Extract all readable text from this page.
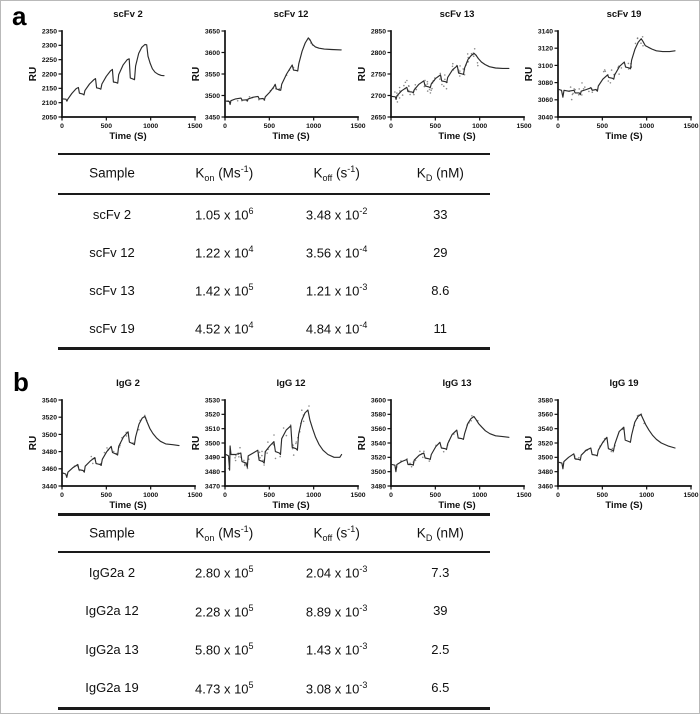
a
b
scFv 2
RU
2050
2100
2150
2200
2250
2300
2350
0	500	1000	1500
Time (S)
scFv 12
RU
3450
3500
3550
3600
3650
0	500	1000	1500
Time (S)
scFv 13
RU
2650
2700
2750
2800
2850
0	500	1000	1500
Time (S)
scFv 19
RU
3040
3060
3080
3100
3120
3140
0	500	1000	1500
Time (S)
IgG 2
RU
3440
3460
3480
3500
3520
3540
0	500	1000	1500
Time (S)
IgG 12
RU
3470
3480
3490
3500
3510
3520
3530
0	500	1000	1500
Time (S)
IgG 13
RU
3480
3500
3520
3540
3560
3580
3600
0	500	1000	1500
Time (S)
IgG 19
RU
3460
3480
3500
3520
3540
3560
3580
0	500	1000	1500
Time (S)
Sample	$K_{on}$ $(Ms^{-1})$	$K_{off}$ $(s^{-1})$	$K_D$ (nM)
scFv 2	1.05 x $10^6$	3.48 x $10^{-2}$	33
scFv 12	1.22 x $10^4$	3.56 x $10^{-4}$	29
scFv 13	1.42 x $10^5$	1.21 x $10^{-3}$	8.6
scFv 19	4.52 x $10^4$	4.84 x $10^{-4}$	11
Sample	$K_{on}$ $(Ms^{-1})$	$K_{off}$ $(s^{-1})$	$K_D$ (nM)
IgG2a 2	2.80 x $10^5$	2.04 x $10^{-3}$	7.3
IgG2a 12	2.28 x $10^5$	8.89 x $10^{-3}$	39
IgG2a 13	5.80 x $10^5$	1.43 x $10^{-3}$	2.5
IgG2a 19	4.73 x $10^5$	3.08 x $10^{-3}$	6.5
